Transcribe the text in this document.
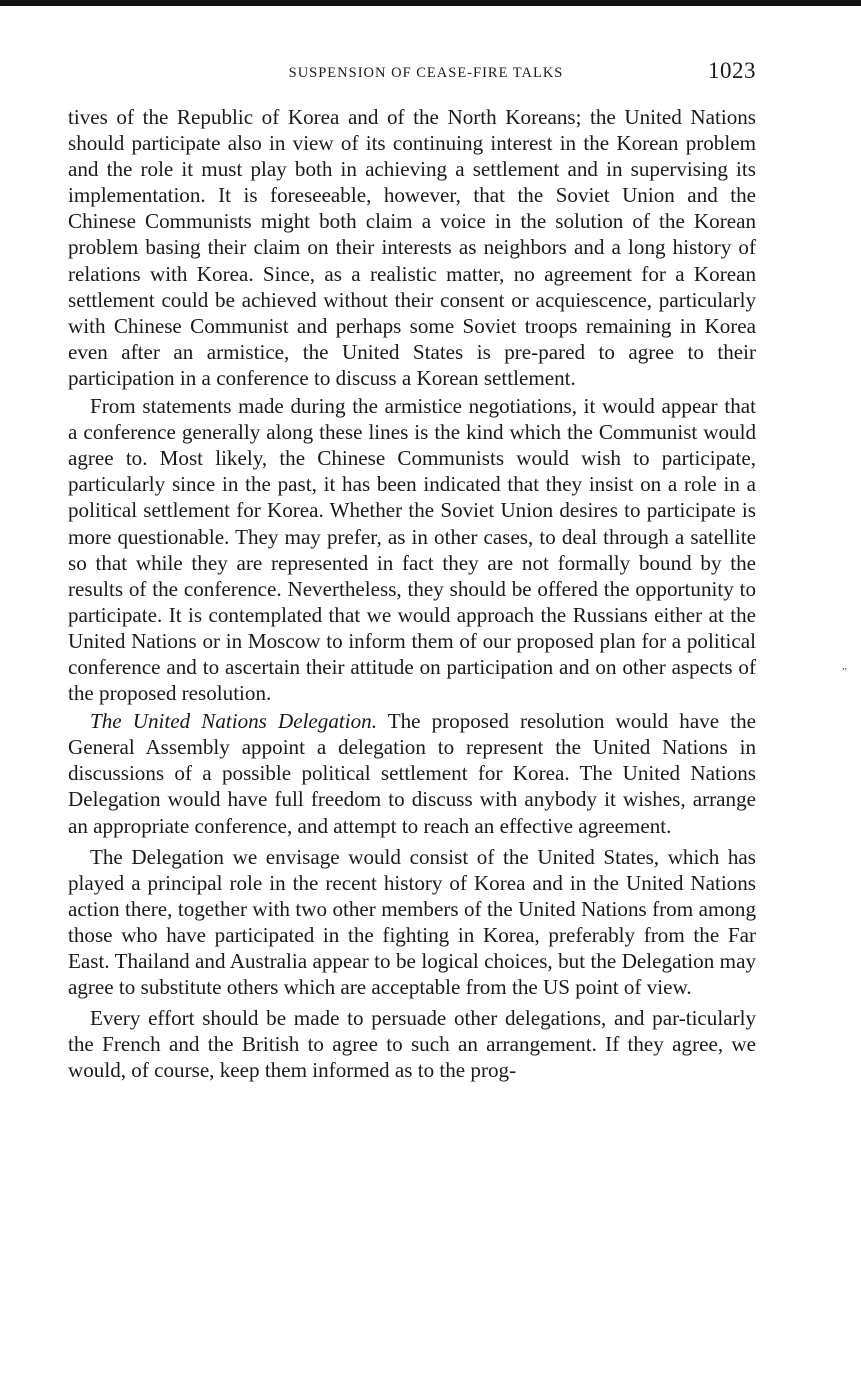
SUSPENSION OF CEASE-FIRE TALKS	1023

tives of the Republic of Korea and of the North Koreans; the United Nations should participate also in view of its continuing interest in the Korean problem and the role it must play both in achieving a settlement and in supervising its implementation. It is foreseeable, however, that the Soviet Union and the Chinese Communists might both claim a voice in the solution of the Korean problem basing their claim on their interests as neighbors and a long history of relations with Korea. Since, as a realistic matter, no agreement for a Korean settlement could be achieved without their consent or acquiescence, particularly with Chinese Communist and perhaps some Soviet troops remaining in Korea even after an armistice, the United States is pre-pared to agree to their participation in a conference to discuss a Korean settlement.

From statements made during the armistice negotiations, it would appear that a conference generally along these lines is the kind which the Communist would agree to. Most likely, the Chinese Communists would wish to participate, particularly since in the past, it has been indicated that they insist on a role in a political settlement for Korea. Whether the Soviet Union desires to participate is more questionable. They may prefer, as in other cases, to deal through a satellite so that while they are represented in fact they are not formally bound by the results of the conference. Nevertheless, they should be offered the opportunity to participate. It is contemplated that we would approach the Russians either at the United Nations or in Moscow to inform them of our proposed plan for a political conference and to ascertain their attitude on participation and on other aspects of the proposed resolution.

The United Nations Delegation. The proposed resolution would have the General Assembly appoint a delegation to represent the United Nations in discussions of a possible political settlement for Korea. The United Nations Delegation would have full freedom to discuss with anybody it wishes, arrange an appropriate conference, and attempt to reach an effective agreement.

The Delegation we envisage would consist of the United States, which has played a principal role in the recent history of Korea and in the United Nations action there, together with two other members of the United Nations from among those who have participated in the fighting in Korea, preferably from the Far East. Thailand and Australia appear to be logical choices, but the Delegation may agree to substitute others which are acceptable from the US point of view.

Every effort should be made to persuade other delegations, and par-ticularly the French and the British to agree to such an arrangement. If they agree, we would, of course, keep them informed as to the prog-

„
